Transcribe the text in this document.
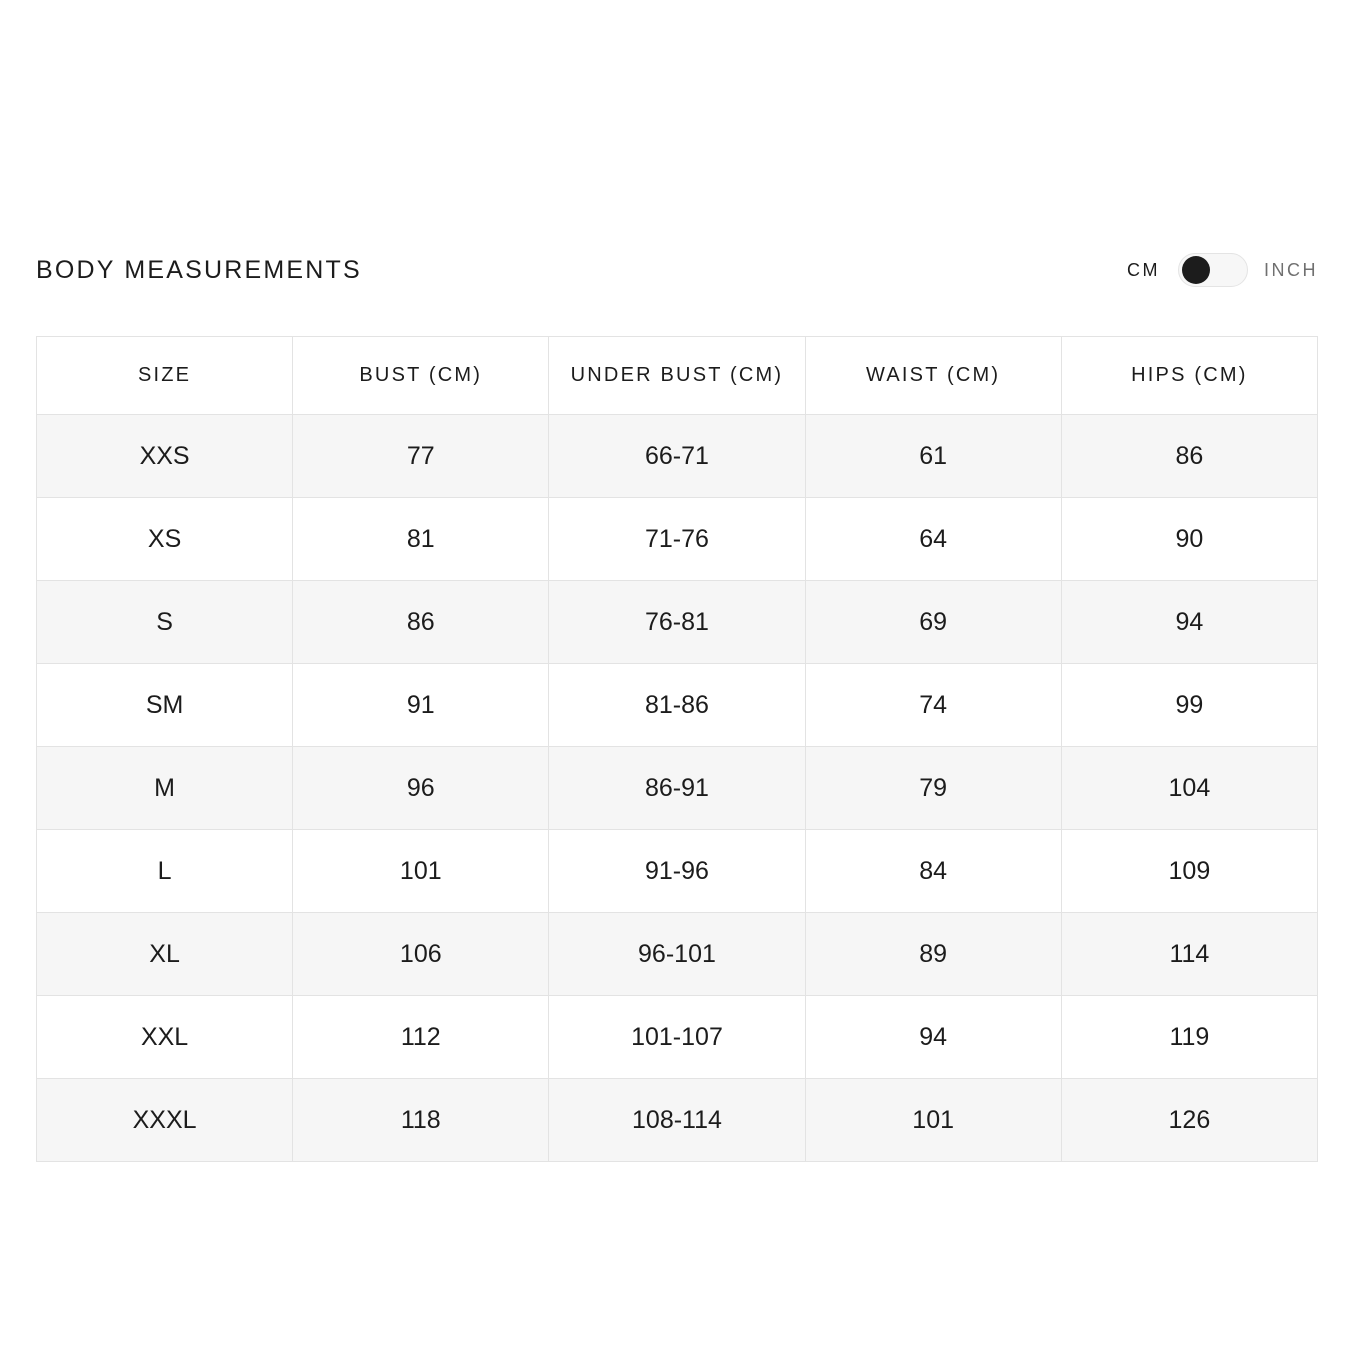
BODY MEASUREMENTS	CM	INCH
SIZE	BUST (CM)	UNDER BUST (CM)	WAIST (CM)	HIPS (CM)
XXS	77	66-71	61	86
XS	81	71-76	64	90
S	86	76-81	69	94
SM	91	81-86	74	99
M	96	86-91	79	104
L	101	91-96	84	109
XL	106	96-101	89	114
XXL	112	101-107	94	119
XXXL	118	108-114	101	126
